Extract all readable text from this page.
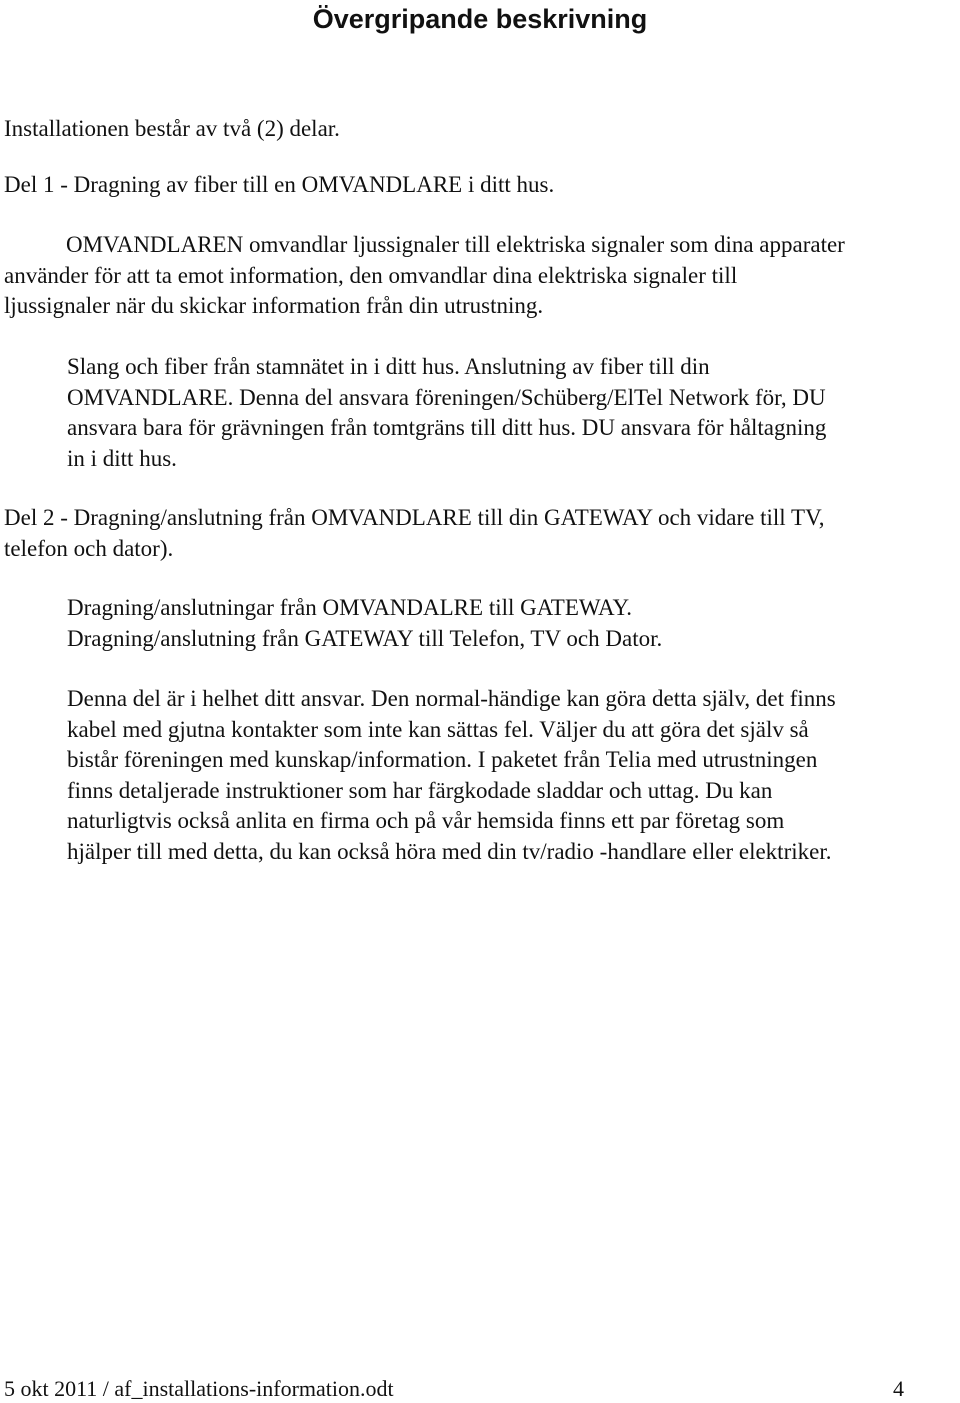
Övergripande beskrivning

Installationen består av två (2) delar.

Del 1 - Dragning av fiber till en OMVANDLARE i ditt hus.

OMVANDLAREN omvandlar ljussignaler till elektriska signaler som dina apparater
använder för att ta emot information, den omvandlar dina elektriska signaler till
ljussignaler när du skickar information från din utrustning.

Slang och fiber från stamnätet in i ditt hus. Anslutning av fiber till din
OMVANDLARE. Denna del ansvara föreningen/Schüberg/ElTel Network för, DU
ansvara bara för grävningen från tomtgräns till ditt hus. DU ansvara för håltagning
in i ditt hus.

Del 2 - Dragning/anslutning från OMVANDLARE till din GATEWAY och vidare till TV,
telefon och dator).

Dragning/anslutningar från OMVANDALRE till GATEWAY.
Dragning/anslutning från GATEWAY till Telefon, TV och Dator.

Denna del är i helhet ditt ansvar. Den normal-händige kan göra detta själv, det finns
kabel med gjutna kontakter som inte kan sättas fel. Väljer du att göra det själv så
bistår föreningen med kunskap/information. I paketet från Telia med utrustningen
finns detaljerade instruktioner som har färgkodade sladdar och uttag. Du kan
naturligtvis också anlita en firma och på vår hemsida finns ett par företag som
hjälper till med detta, du kan också höra med din tv/radio -handlare eller elektriker.

5 okt 2011 / af_installations-information.odt	4
